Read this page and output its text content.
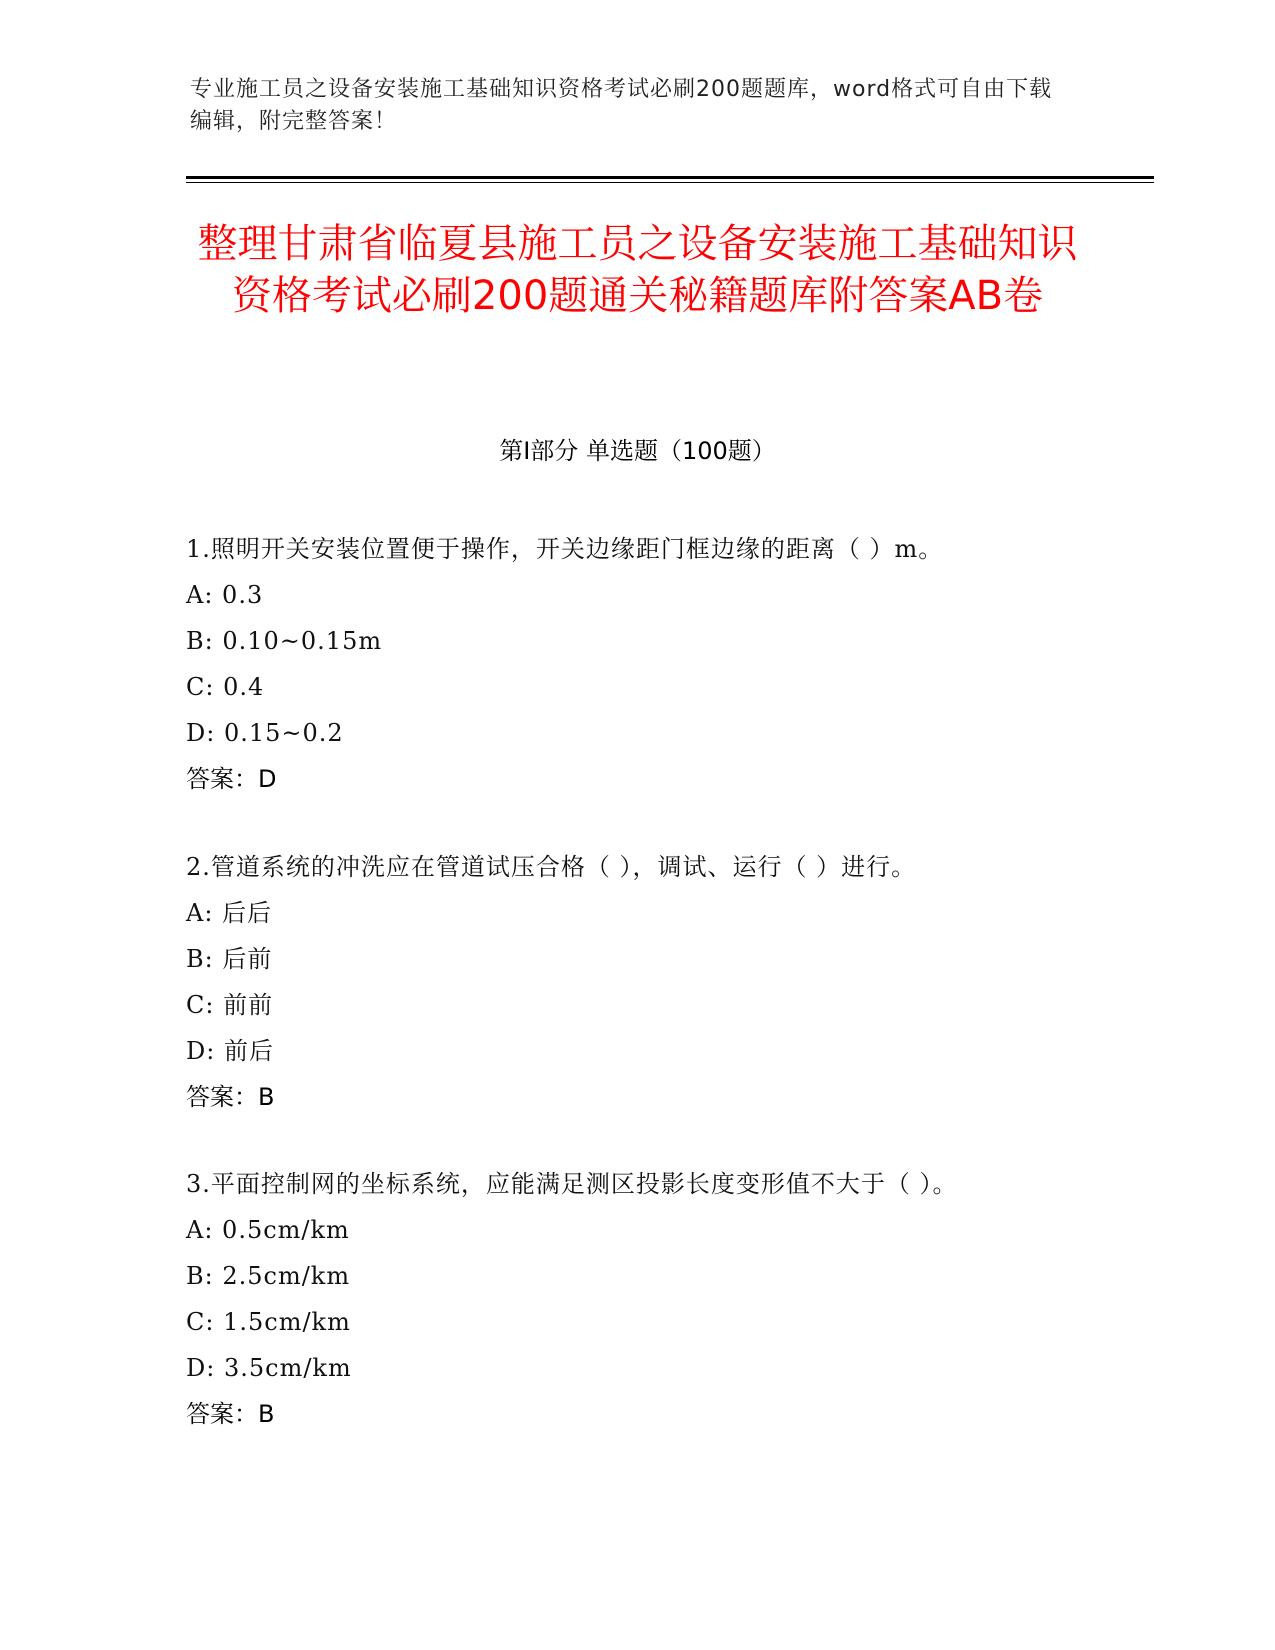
专业施工员之设备安装施工基础知识资格考试必刷200题题库，word格式可自由下载编辑，附完整答案！
整理甘肃省临夏县施工员之设备安装施工基础知识资格考试必刷200题通关秘籍题库附答案AB卷
第Ⅰ部分 单选题（100题）

1.照明开关安装位置便于操作，开关边缘距门框边缘的距离（ ）m。

A: 0.3

B: 0.10~0.15m

C: 0.4

D: 0.15~0.2

答案：D

2.管道系统的冲洗应在管道试压合格（ ），调试、运行（ ）进行。

A: 后后

B: 后前

C: 前前

D: 前后

答案：B

3.平面控制网的坐标系统，应能满足测区投影长度变形值不大于（ ）。

A: 0.5cm/km

B: 2.5cm/km

C: 1.5cm/km

D: 3.5cm/km

答案：B
